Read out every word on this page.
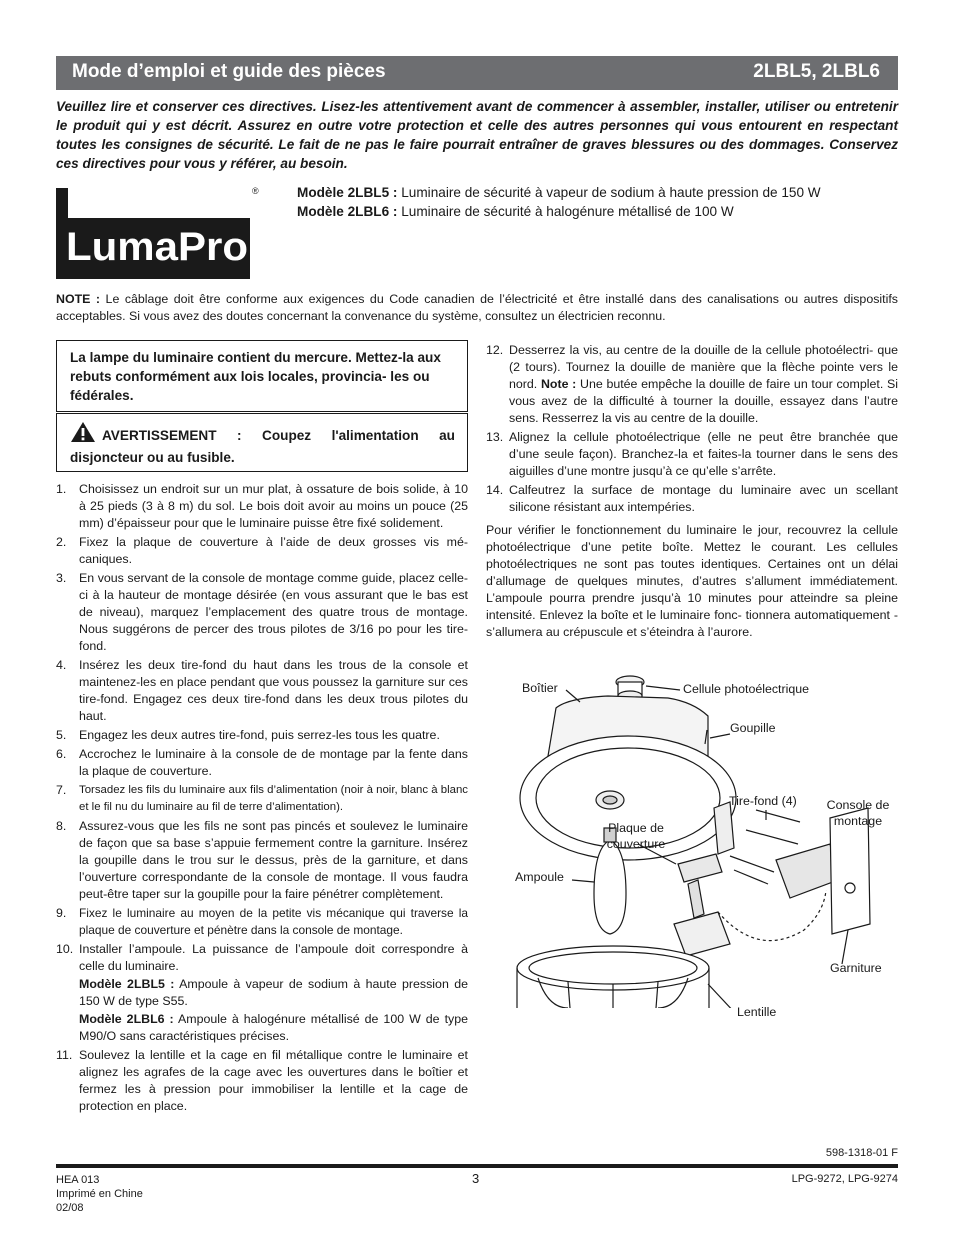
Mode d’emploi et guide des pièces	2LBL5, 2LBL6
Veuillez lire et conserver ces directives. Lisez-les attentivement avant de commencer à assembler, installer, utiliser ou entretenir le produit qui y est décrit. Assurez en outre votre protection et celle des autres personnes qui vous entourent en respectant toutes les consignes de sécurité. Le fait de ne pas le faire pourrait entraîner de graves blessures ou des dommages. Conservez ces directives pour vous y référer, au besoin.
LumaPro
®	Modèle 2LBL5 : Luminaire de sécurité à vapeur de sodium à haute pression de 150 W
Modèle 2LBL6 : Luminaire de sécurité à halogénure métallisé de 100 W
NOTE : Le câblage doit être conforme aux exigences du Code canadien de l’électricité et être installé dans des canalisations ou autres dispositifs acceptables. Si vous avez des doutes concernant la convenance du système, consultez un électricien reconnu.
La lampe du luminaire contient du mercure. Mettez-la aux rebuts conformément aux lois locales, provincia- les ou fédérales.
AVERTISSEMENT : Coupez l'alimentation au disjoncteur ou au fusible.
1. Choisissez un endroit sur un mur plat, à ossature de bois solide, à 10 à 25 pieds (3 à 8 m) du sol. Le bois doit avoir au moins un pouce (25 mm) d’épaisseur pour que le luminaire puisse être fixé solidement.
2. Fixez la plaque de couverture à l’aide de deux grosses vis mé- caniques.
3. En vous servant de la console de montage comme guide, placez celle-ci à la hauteur de montage désirée (en vous assurant que le bas est de niveau), marquez l’emplacement des quatre trous de montage. Nous suggérons de percer des trous pilotes de 3/16 po pour les tire-fond.
4. Insérez les deux tire-fond du haut dans les trous de la console et maintenez-les en place pendant que vous poussez la garniture sur ces tire-fond. Engagez ces deux tire-fond dans les deux trous pilotes du haut.
5. Engagez les deux autres tire-fond, puis serrez-les tous les quatre.
6. Accrochez le luminaire à la console de de montage par la fente dans la plaque de couverture.
7. Torsadez les fils du luminaire aux fils d’alimentation (noir à noir, blanc à blanc et le fil nu du luminaire au fil de terre d’alimentation).
8. Assurez-vous que les fils ne sont pas pincés et soulevez le luminaire de façon que sa base s’appuie fermement contre la garniture. Insérez la goupille dans le trou sur le dessus, près de la garniture, et dans l’ouverture correspondante de la console de montage. Il vous faudra peut-être taper sur la goupille pour la faire pénétrer complètement.
9. Fixez le luminaire au moyen de la petite vis mécanique qui traverse la plaque de couverture et pénètre dans la console de montage.
10. Installer l’ampoule. La puissance de l’ampoule doit correspondre à celle du luminaire.
Modèle 2LBL5 : Ampoule à vapeur de sodium à haute pression de 150 W de type S55.
Modèle 2LBL6 : Ampoule à halogénure métallisé de 100 W de type M90/O sans caractéristiques précises.
11. Soulevez la lentille et la cage en fil métallique contre le luminaire et alignez les agrafes de la cage avec les ouvertures dans le boîtier et fermez les à pression pour immobiliser la lentille et la cage de protection en place.
12. Desserrez la vis, au centre de la douille de la cellule photoélectri- que (2 tours). Tournez la douille de manière que la flèche pointe vers le nord. Note : Une butée empêche la douille de faire un tour complet. Si vous avez de la difficulté à tourner la douille, essayez dans l’autre sens. Resserrez la vis au centre de la douille.
13. Alignez la cellule photoélectrique (elle ne peut être branchée que d’une seule façon). Branchez-la et faites-la tourner dans le sens des aiguilles d’une montre jusqu’à ce qu’elle s’arrête.
14. Calfeutrez la surface de montage du luminaire avec un scellant silicone résistant aux intempéries.
Pour vérifier le fonctionnement du luminaire le jour, recouvrez la cellule photoélectrique d’une petite boîte. Mettez le courant. Les cellules photoélectriques ne sont pas toutes identiques. Certaines ont un délai d’allumage de quelques minutes, d’autres s’allument immédiatement. L’ampoule pourra prendre jusqu’à 10 minutes pour atteindre sa pleine intensité. Enlevez la boîte et le luminaire fonc- tionnera automatiquement - s’allumera au crépuscule et s’éteindra à l’aurore.
Boîtier	Cellule photoélectrique
Goupille
Tire-fond (4)	Console de montage
Plaque de couverture
Ampoule
Garniture
Lentille
598-1318-01 F
HEA 013
Imprimé en Chine
02/08
3	LPG-9272, LPG-9274
